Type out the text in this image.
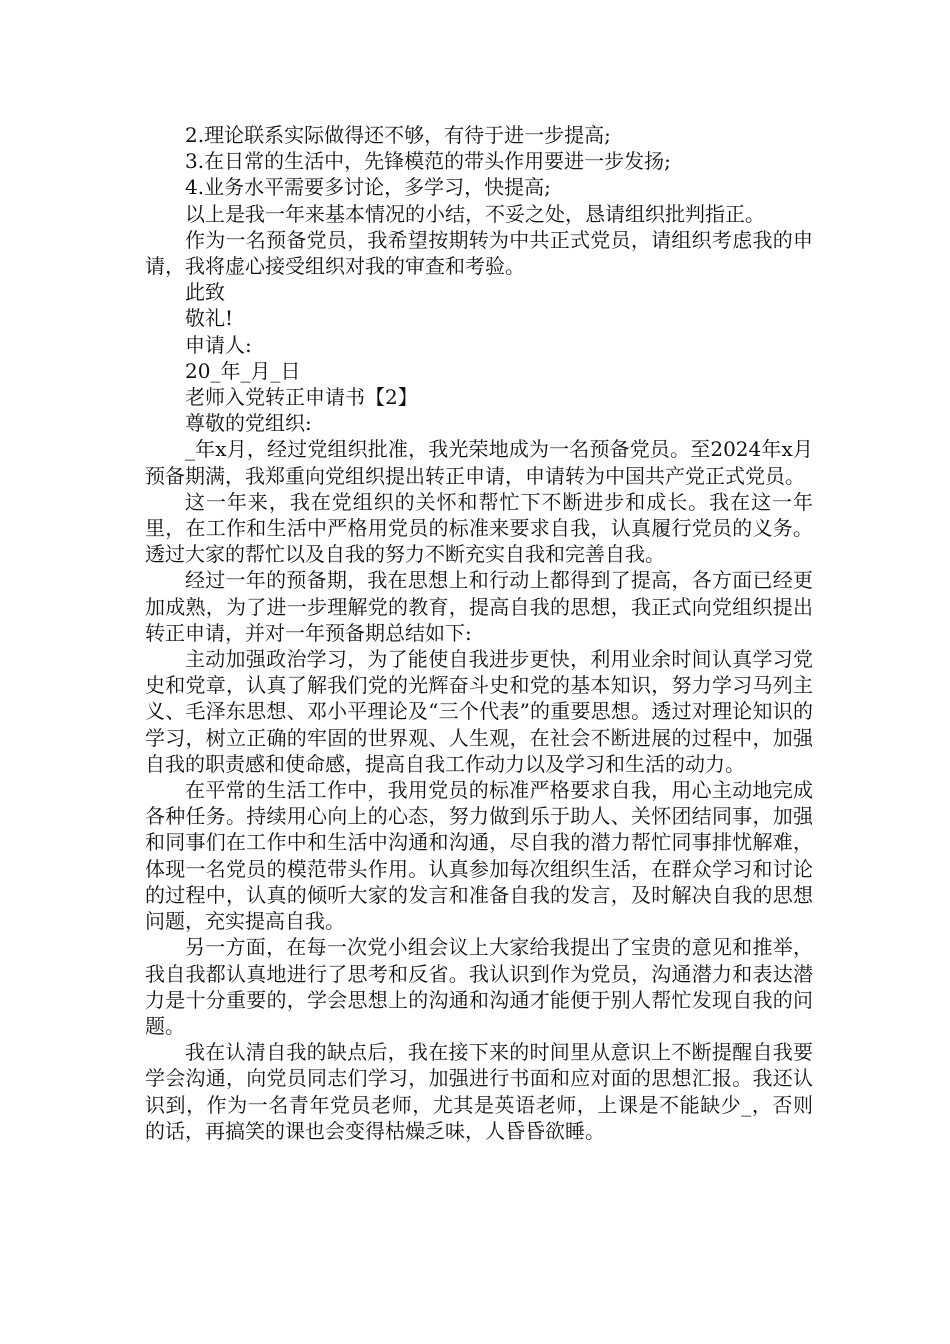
2.理论联系实际做得还不够，有待于进一步提高;

3.在日常的生活中，先锋模范的带头作用要进一步发扬;

4.业务水平需要多讨论，多学习，快提高;

以上是我一年来基本情况的小结，不妥之处，恳请组织批判指正。

作为一名预备党员，我希望按期转为中共正式党员，请组织考虑我的申请，我将虚心接受组织对我的审查和考验。

此致

敬礼!

申请人:

20_年_月_日

老师入党转正申请书【2】

尊敬的党组织:

_年x月，经过党组织批准，我光荣地成为一名预备党员。至2024年x月预备期满，我郑重向党组织提出转正申请，申请转为中国共产党正式党员。

这一年来，我在党组织的关怀和帮忙下不断进步和成长。我在这一年里，在工作和生活中严格用党员的标准来要求自我，认真履行党员的义务。透过大家的帮忙以及自我的努力不断充实自我和完善自我。

经过一年的预备期，我在思想上和行动上都得到了提高，各方面已经更加成熟，为了进一步理解党的教育，提高自我的思想，我正式向党组织提出转正申请，并对一年预备期总结如下:

主动加强政治学习，为了能使自我进步更快，利用业余时间认真学习党史和党章，认真了解我们党的光辉奋斗史和党的基本知识，努力学习马列主义、毛泽东思想、邓小平理论及“三个代表”的重要思想。透过对理论知识的学习，树立正确的牢固的世界观、人生观，在社会不断进展的过程中，加强自我的职责感和使命感，提高自我工作动力以及学习和生活的动力。

在平常的生活工作中，我用党员的标准严格要求自我，用心主动地完成各种任务。持续用心向上的心态，努力做到乐于助人、关怀团结同事，加强和同事们在工作中和生活中沟通和沟通，尽自我的潜力帮忙同事排忧解难，体现一名党员的模范带头作用。认真参加每次组织生活，在群众学习和讨论的过程中，认真的倾听大家的发言和准备自我的发言，及时解决自我的思想问题，充实提高自我。

另一方面，在每一次党小组会议上大家给我提出了宝贵的意见和推举，我自我都认真地进行了思考和反省。我认识到作为党员，沟通潜力和表达潜力是十分重要的，学会思想上的沟通和沟通才能便于别人帮忙发现自我的问题。

我在认清自我的缺点后，我在接下来的时间里从意识上不断提醒自我要学会沟通，向党员同志们学习，加强进行书面和应对面的思想汇报。我还认识到，作为一名青年党员老师，尤其是英语老师，上课是不能缺少_，否则的话，再搞笑的课也会变得枯燥乏味，人昏昏欲睡。
